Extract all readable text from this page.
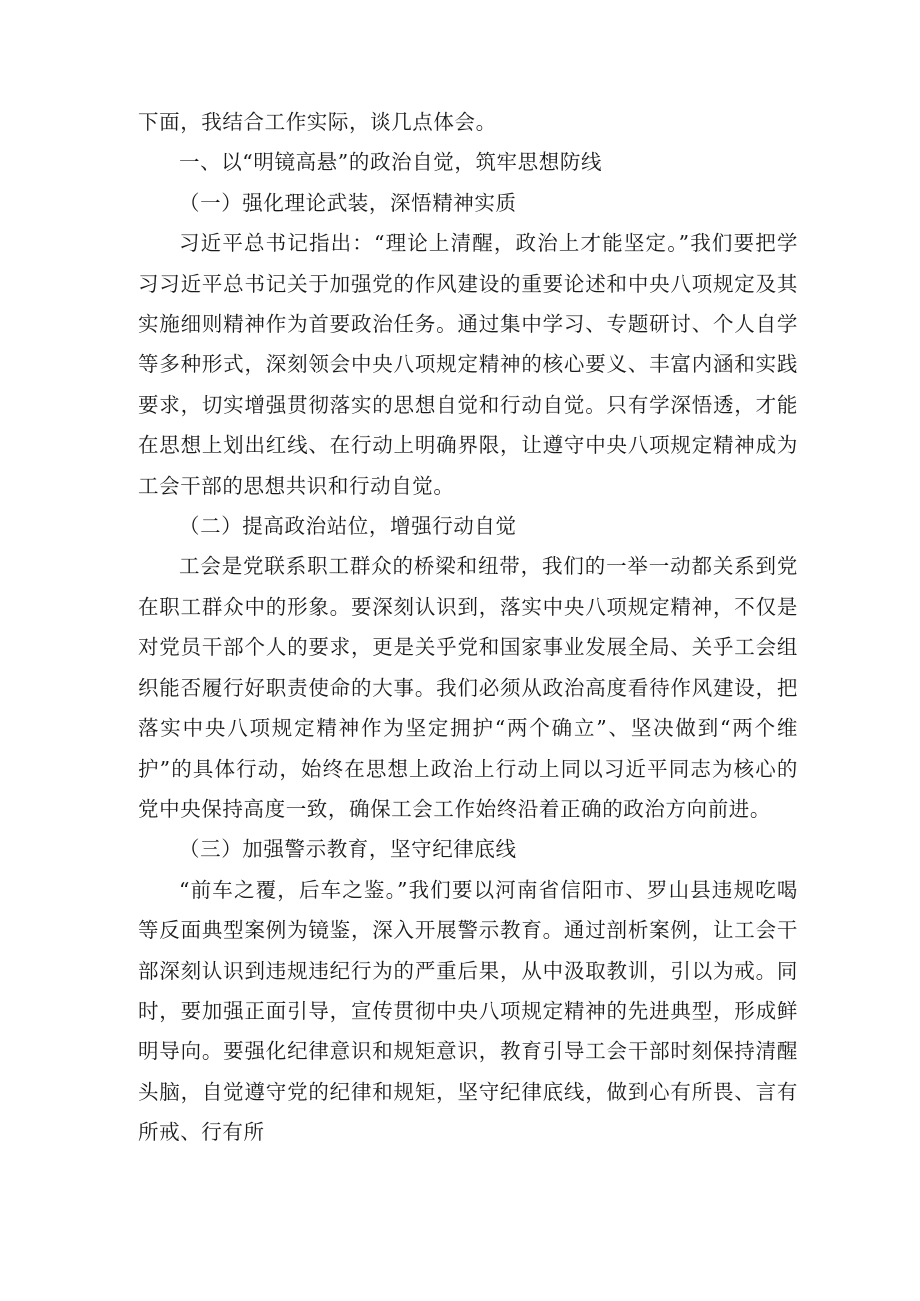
下面，我结合工作实际，谈几点体会。

一、以“明镜高悬”的政治自觉，筑牢思想防线

（一）强化理论武装，深悟精神实质

习近平总书记指出：“理论上清醒，政治上才能坚定。”我们要把学习习近平总书记关于加强党的作风建设的重要论述和中央八项规定及其实施细则精神作为首要政治任务。通过集中学习、专题研讨、个人自学等多种形式，深刻领会中央八项规定精神的核心要义、丰富内涵和实践要求，切实增强贯彻落实的思想自觉和行动自觉。只有学深悟透，才能在思想上划出红线、在行动上明确界限，让遵守中央八项规定精神成为工会干部的思想共识和行动自觉。

（二）提高政治站位，增强行动自觉

工会是党联系职工群众的桥梁和纽带，我们的一举一动都关系到党在职工群众中的形象。要深刻认识到，落实中央八项规定精神，不仅是对党员干部个人的要求，更是关乎党和国家事业发展全局、关乎工会组织能否履行好职责使命的大事。我们必须从政治高度看待作风建设，把落实中央八项规定精神作为坚定拥护“两个确立”、坚决做到“两个维护”的具体行动，始终在思想上政治上行动上同以习近平同志为核心的党中央保持高度一致，确保工会工作始终沿着正确的政治方向前进。

（三）加强警示教育，坚守纪律底线

“前车之覆，后车之鉴。”我们要以河南省信阳市、罗山县违规吃喝等反面典型案例为镜鉴，深入开展警示教育。通过剖析案例，让工会干部深刻认识到违规违纪行为的严重后果，从中汲取教训，引以为戒。同时，要加强正面引导，宣传贯彻中央八项规定精神的先进典型，形成鲜明导向。要强化纪律意识和规矩意识，教育引导工会干部时刻保持清醒头脑，自觉遵守党的纪律和规矩，坚守纪律底线，做到心有所畏、言有所戒、行有所
